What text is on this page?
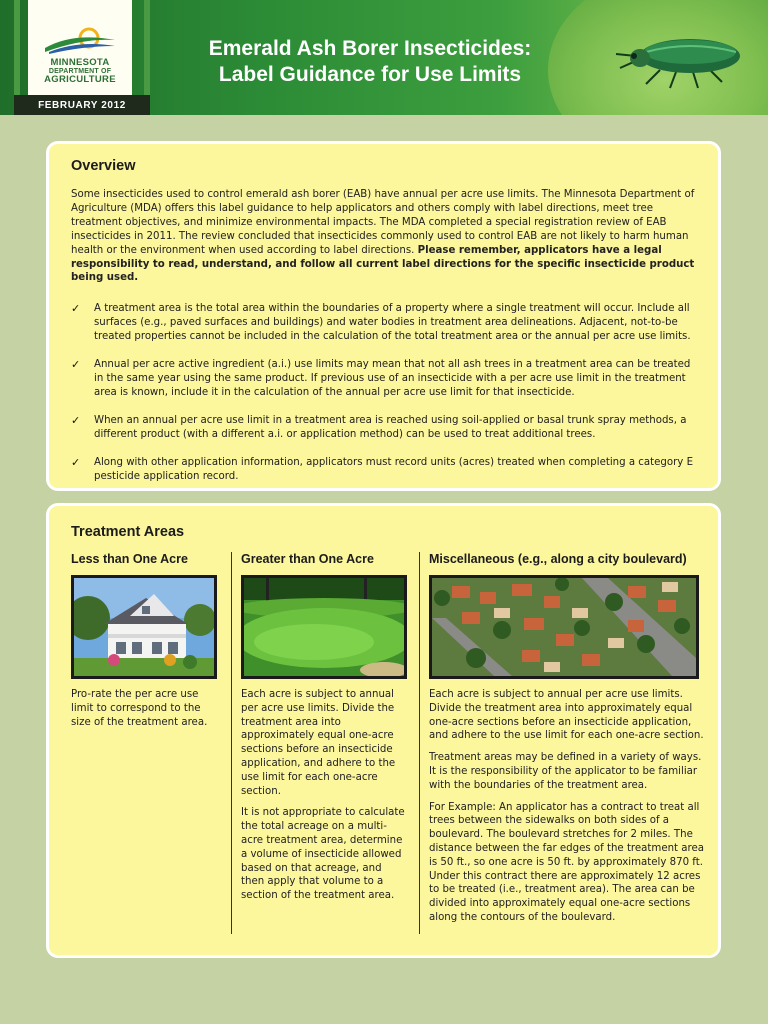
MINNESOTA
DEPARTMENT OF
AGRICULTURE
FEBRUARY 2012
Emerald Ash Borer Insecticides:
Label Guidance for Use Limits
Overview

Some insecticides used to control emerald ash borer (EAB) have annual per acre use limits. The Minnesota Department of Agriculture (MDA) offers this label guidance to help applicators and others comply with label directions, meet tree treatment objectives, and minimize environmental impacts. The MDA completed a special registration review of EAB insecticides in 2011. The review concluded that insecticides commonly used to control EAB are not likely to harm human health or the environment when used according to label directions. Please remember, applicators have a legal responsibility to read, understand, and follow all current label directions for the specific insecticide product being used.

✓ A treatment area is the total area within the boundaries of a property where a single treatment will occur. Include all surfaces (e.g., paved surfaces and buildings) and water bodies in treatment area delineations. Adjacent, not-to-be treated properties cannot be included in the calculation of the total treatment area or the annual per acre use limits.
✓ Annual per acre active ingredient (a.i.) use limits may mean that not all ash trees in a treatment area can be treated in the same year using the same product. If previous use of an insecticide with a per acre use limit in the treatment area is known, include it in the calculation of the annual per acre use limit for that insecticide.
✓ When an annual per acre use limit in a treatment area is reached using soil-applied or basal trunk spray methods, a different product (with a different a.i. or application method) can be used to treat additional trees.
✓ Along with other application information, applicators must record units (acres) treated when completing a category E pesticide application record.
Treatment Areas
Less than One Acre

Pro-rate the per acre use limit to correspond to the size of the treatment area.

Greater than One Acre

Each acre is subject to annual per acre use limits. Divide the treatment area into approximately equal one-acre sections before an insecticide application, and adhere to the use limit for each one-acre section.

It is not appropriate to calculate the total acreage on a multi-acre treatment area, determine a volume of insecticide allowed based on that acreage, and then apply that volume to a section of the treatment area.

Miscellaneous (e.g., along a city boulevard)

Each acre is subject to annual per acre use limits. Divide the treatment area into approximately equal one-acre sections before an insecticide application, and adhere to the use limit for each one-acre section.

Treatment areas may be defined in a variety of ways. It is the responsibility of the applicator to be familiar with the boundaries of the treatment area.

For Example: An applicator has a contract to treat all trees between the sidewalks on both sides of a boulevard. The boulevard stretches for 2 miles. The distance between the far edges of the treatment area is 50 ft., so one acre is 50 ft. by approximately 870 ft. Under this contract there are approximately 12 acres to be treated (i.e., treatment area). The area can be divided into approximately equal one-acre sections along the contours of the boulevard.
